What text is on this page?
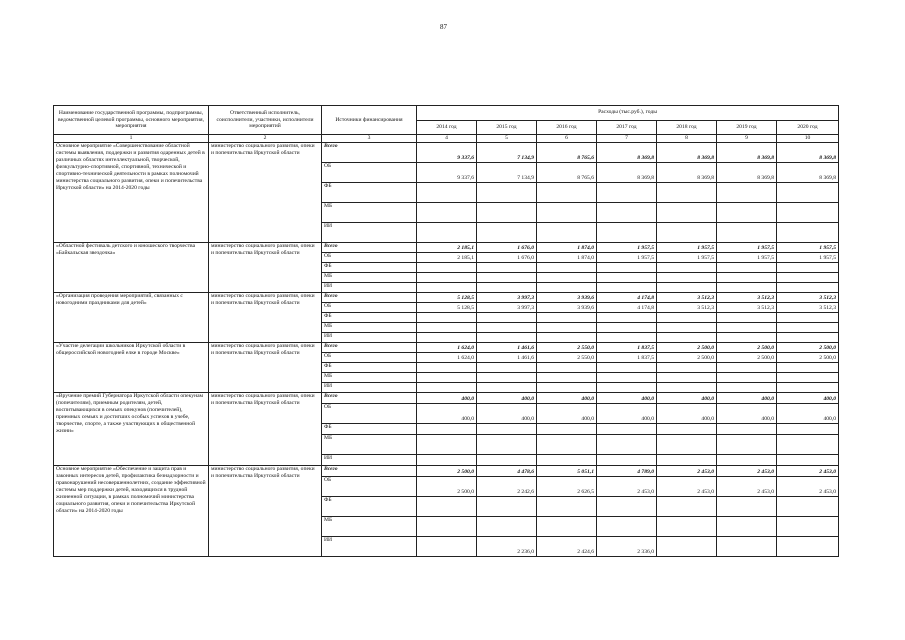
87
Наименование государственной программы, подпрограммы, ведомственной целевой программы, основного мероприятия, мероприятия	Ответственный исполнитель, соисполнители, участники, исполнители мероприятий	Источники финансирования	Расходы (тыс.руб.), годы						
			2014 год	2015 год	2016 год	2017 год	2018 год	2019 год	2020 год
1	2	3	4	5	6	7	8	9	10
Основное мероприятие «Совершенствование областной системы выявления, поддержки и развития одаренных детей в различных областях интеллектуальной, творческой, физкультурно-спортивной, спортивной, технической и спортивно-технической деятельности в рамках полномочий министерства социального развития, опеки и попечительства Иркутской области» на 2014-2020 годы	министерство социального развития, опеки и попечительства Иркутской области	Всего	9 337,6	7 134,9	8 765,6	8 369,8	8 369,8	8 369,8	8 369,8
		ОБ	9 337,6	7 134,9	8 765,6	8 369,8	8 369,8	8 369,8	8 369,8
		ФБ							
		МБ							
		ИИ							
«Областной фестиваль детского и юношеского творчества «Байкальская звездочка»	министерство социального развития, опеки и попечительства Иркутской области	Всего	2 185,1	1 676,0	1 874,0	1 957,5	1 957,5	1 957,5	1 957,5
		ОБ	2 185,1	1 676,0	1 874,0	1 957,5	1 957,5	1 957,5	1 957,5
		ФБ							
		МБ							
		ИИ							
«Организация проведения мероприятий, связанных с новогодними праздниками для детей»	министерство социального развития, опеки и попечительства Иркутской области	Всего	5 128,5	3 997,3	3 939,6	4 174,8	3 512,3	3 512,3	3 512,3
		ОБ	5 128,5	3 997,3	3 939,6	4 174,8	3 512,3	3 512,3	3 512,3
		ФБ							
		МБ							
		ИИ							
«Участие делегации школьников Иркутской области в общероссийской новогодней елке в городе Москве»	министерство социального развития, опеки и попечительства Иркутской области	Всего	1 624,0	1 461,6	2 550,0	1 837,5	2 500,0	2 500,0	2 500,0
		ОБ	1 624,0	1 461,6	2 550,0	1 837,5	2 500,0	2 500,0	2 500,0
		ФБ							
		МБ							
		ИИ							
«Вручение премий Губернатора Иркутской области опекунам (попечителям), приемным родителям, детей, воспитывающихся в семьях опекунов (попечителей), приемных семьях и достигших особых успехов в учебе, творчестве, спорте, а также участвующих в общественной жизни»	министерство социального развития, опеки и попечительства Иркутской области	Всего	400,0	400,0	400,0	400,0	400,0	400,0	400,0
		ОБ	400,0	400,0	400,0	400,0	400,0	400,0	400,0
		ФБ							
		МБ							
		ИИ							
Основное мероприятие «Обеспечение и защита прав и законных интересов детей, профилактика безнадзорности и правонарушений несовершеннолетних, создание эффективной системы мер поддержки детей, находящихся в трудной жизненной ситуации, в рамках полномочий министерства социального развития, опеки и попечительства Иркутской области» на 2014-2020 годы	министерство социального развития, опеки и попечительства Иркутской области	Всего	2 500,0	4 478,6	5 051,1	4 789,0	2 453,0	2 453,0	2 453,0
		ОБ	2 500,0	2 242,6	2 626,5	2 453,0	2 453,0	2 453,0	2 453,0
		ФБ							
		МБ							
		ИИ		2 236,0	2 424,6	2 336,0			
